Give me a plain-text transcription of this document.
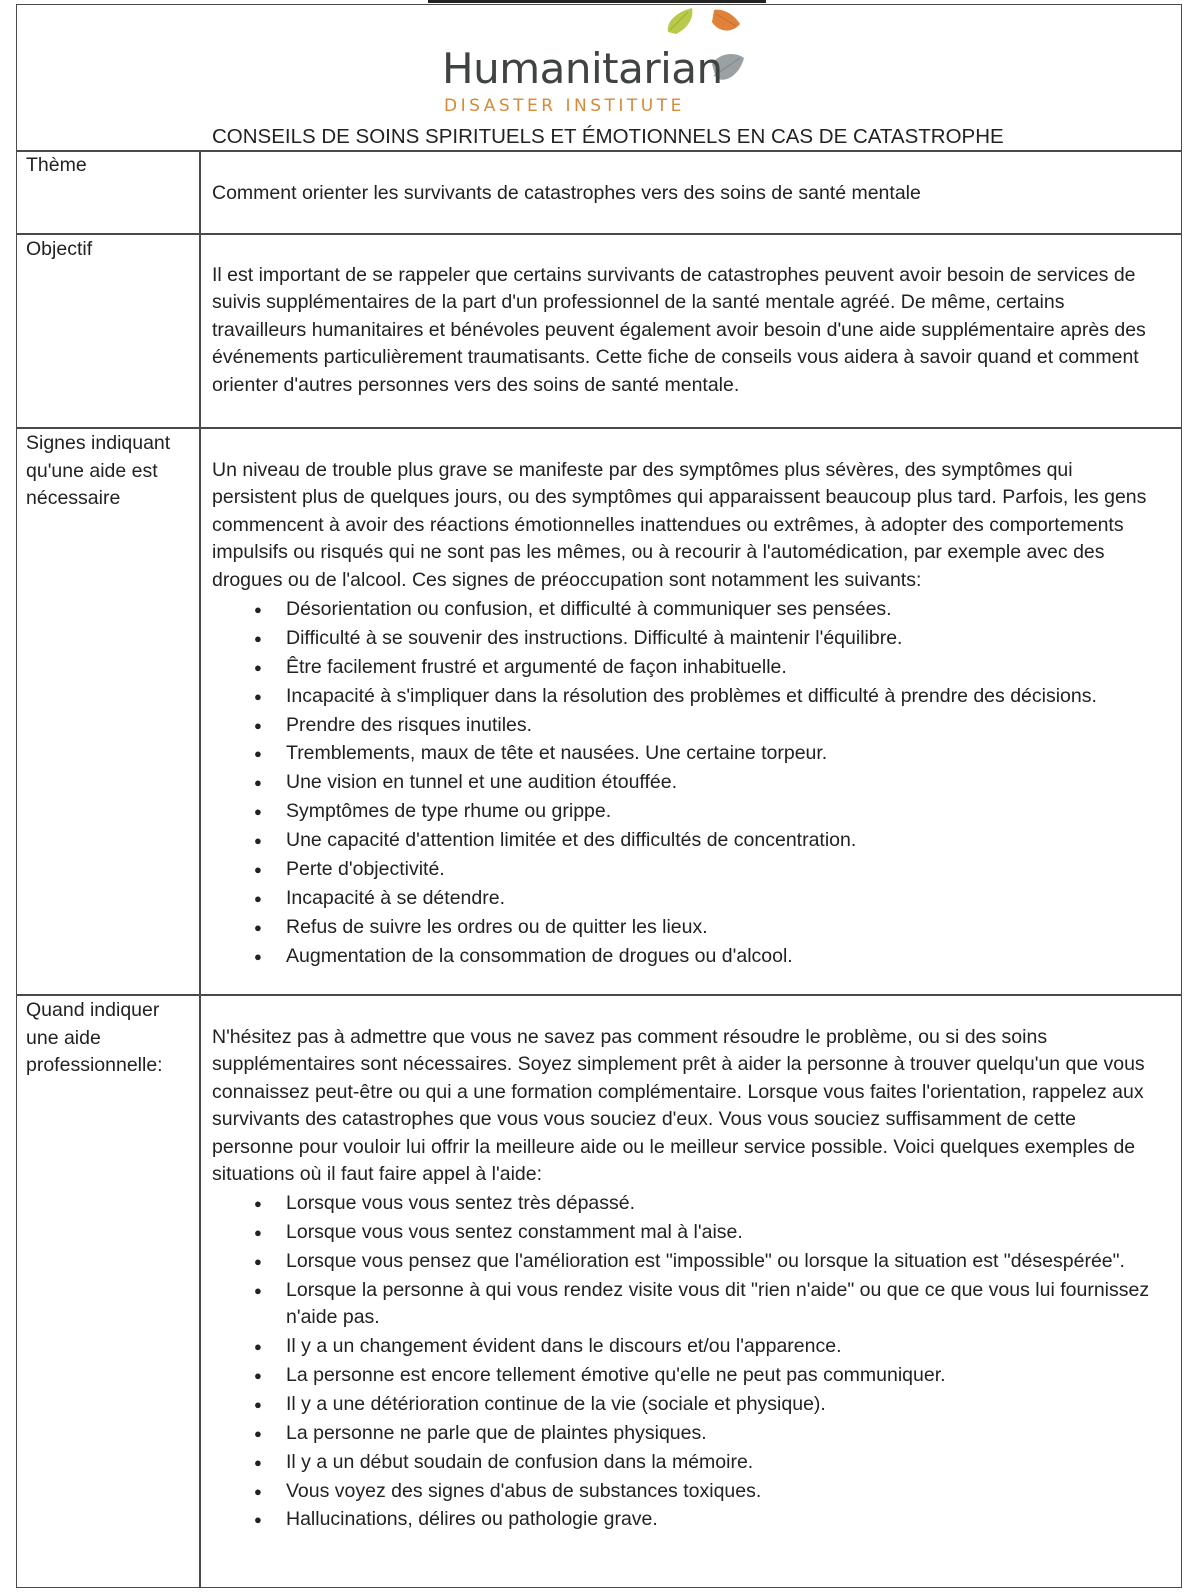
Humanitarian
DISASTER INSTITUTE
CONSEILS DE SOINS SPIRITUELS ET ÉMOTIONNELS EN CAS DE CATASTROPHE
Thème
Comment orienter les survivants de catastrophes vers des soins de santé mentale
Objectif
Il est important de se rappeler que certains survivants de catastrophes peuvent avoir besoin de services de suivis supplémentaires de la part d'un professionnel de la santé mentale agréé. De même, certains travailleurs humanitaires et bénévoles peuvent également avoir besoin d'une aide supplémentaire après des événements particulièrement traumatisants. Cette fiche de conseils vous aidera à savoir quand et comment orienter d'autres personnes vers des soins de santé mentale.
Signes indiquant qu'une aide est nécessaire
Un niveau de trouble plus grave se manifeste par des symptômes plus sévères, des symptômes qui persistent plus de quelques jours, ou des symptômes qui apparaissent beaucoup plus tard. Parfois, les gens commencent à avoir des réactions émotionnelles inattendues ou extrêmes, à adopter des comportements impulsifs ou risqués qui ne sont pas les mêmes, ou à recourir à l'automédication, par exemple avec des drogues ou de l'alcool. Ces signes de préoccupation sont notamment les suivants:
● Désorientation ou confusion, et difficulté à communiquer ses pensées.
● Difficulté à se souvenir des instructions. Difficulté à maintenir l'équilibre.
● Être facilement frustré et argumenté de façon inhabituelle.
● Incapacité à s'impliquer dans la résolution des problèmes et difficulté à prendre des décisions.
● Prendre des risques inutiles.
● Tremblements, maux de tête et nausées. Une certaine torpeur.
● Une vision en tunnel et une audition étouffée.
● Symptômes de type rhume ou grippe.
● Une capacité d'attention limitée et des difficultés de concentration.
● Perte d'objectivité.
● Incapacité à se détendre.
● Refus de suivre les ordres ou de quitter les lieux.
● Augmentation de la consommation de drogues ou d'alcool.
Quand indiquer une aide professionnelle:
N'hésitez pas à admettre que vous ne savez pas comment résoudre le problème, ou si des soins supplémentaires sont nécessaires. Soyez simplement prêt à aider la personne à trouver quelqu'un que vous connaissez peut-être ou qui a une formation complémentaire. Lorsque vous faites l'orientation, rappelez aux survivants des catastrophes que vous vous souciez d'eux. Vous vous souciez suffisamment de cette personne pour vouloir lui offrir la meilleure aide ou le meilleur service possible. Voici quelques exemples de situations où il faut faire appel à l'aide:
● Lorsque vous vous sentez très dépassé.
● Lorsque vous vous sentez constamment mal à l'aise.
● Lorsque vous pensez que l'amélioration est "impossible" ou lorsque la situation est "désespérée".
● Lorsque la personne à qui vous rendez visite vous dit "rien n'aide" ou que ce que vous lui fournissez n'aide pas.
● Il y a un changement évident dans le discours et/ou l'apparence.
● La personne est encore tellement émotive qu'elle ne peut pas communiquer.
● Il y a une détérioration continue de la vie (sociale et physique).
● La personne ne parle que de plaintes physiques.
● Il y a un début soudain de confusion dans la mémoire.
● Vous voyez des signes d'abus de substances toxiques.
● Hallucinations, délires ou pathologie grave.
